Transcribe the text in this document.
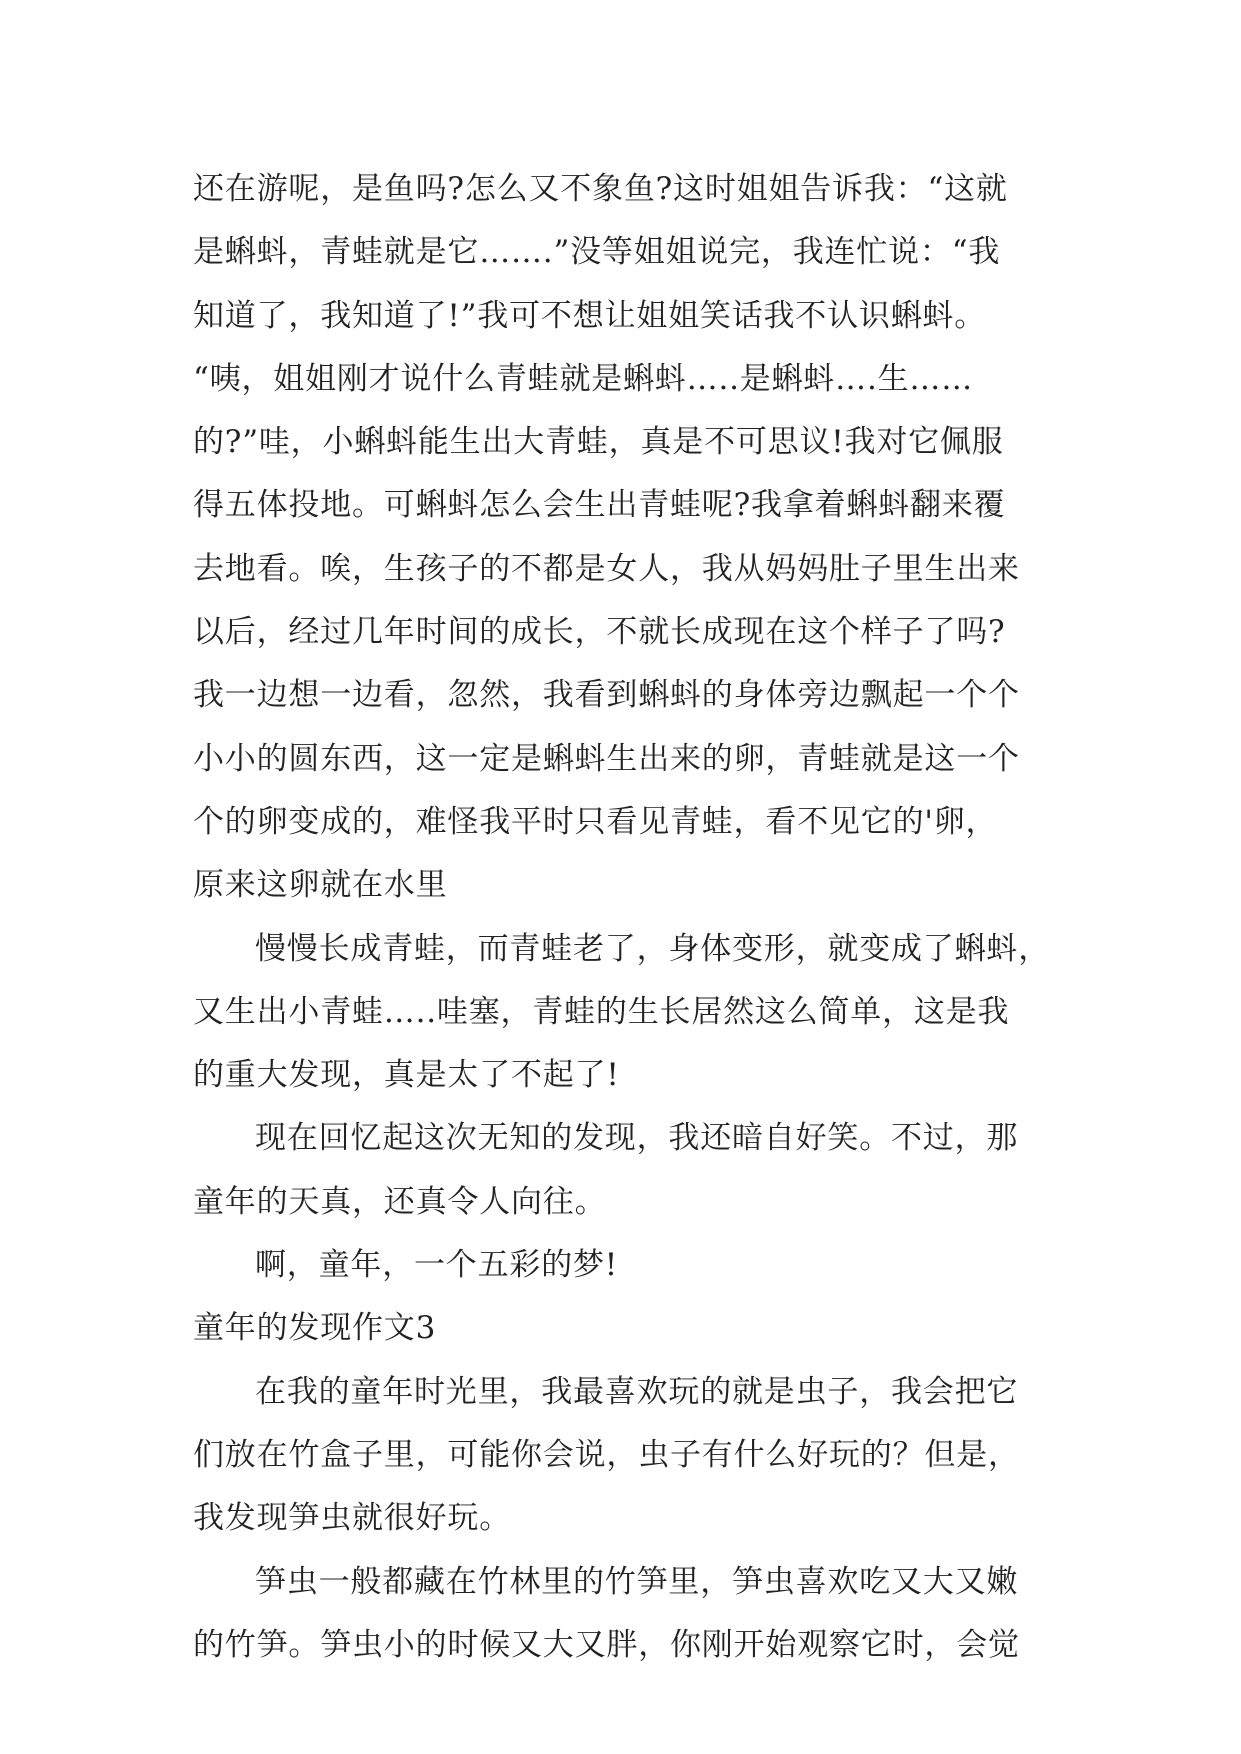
还在游呢，是鱼吗?怎么又不象鱼?这时姐姐告诉我：“这就
是蝌蚪，青蛙就是它…….”没等姐姐说完，我连忙说：“我
知道了，我知道了!”我可不想让姐姐笑话我不认识蝌蚪。
“咦，姐姐刚才说什么青蛙就是蝌蚪…..是蝌蚪….生……
的?”哇，小蝌蚪能生出大青蛙，真是不可思议!我对它佩服
得五体投地。可蝌蚪怎么会生出青蛙呢?我拿着蝌蚪翻来覆
去地看。唉，生孩子的不都是女人，我从妈妈肚子里生出来
以后，经过几年时间的成长，不就长成现在这个样子了吗?
我一边想一边看，忽然，我看到蝌蚪的身体旁边飘起一个个
小小的圆东西，这一定是蝌蚪生出来的卵，青蛙就是这一个
个的卵变成的，难怪我平时只看见青蛙，看不见它的'卵，
原来这卵就在水里
慢慢长成青蛙，而青蛙老了，身体变形，就变成了蝌蚪，
又生出小青蛙…..哇塞，青蛙的生长居然这么简单，这是我
的重大发现，真是太了不起了!
现在回忆起这次无知的发现，我还暗自好笑。不过，那
童年的天真，还真令人向往。
啊，童年，一个五彩的梦!
童年的发现作文3
在我的童年时光里，我最喜欢玩的就是虫子，我会把它
们放在竹盒子里，可能你会说，虫子有什么好玩的？但是，
我发现笋虫就很好玩。
笋虫一般都藏在竹林里的竹笋里，笋虫喜欢吃又大又嫩
的竹笋。笋虫小的时候又大又胖，你刚开始观察它时，会觉
